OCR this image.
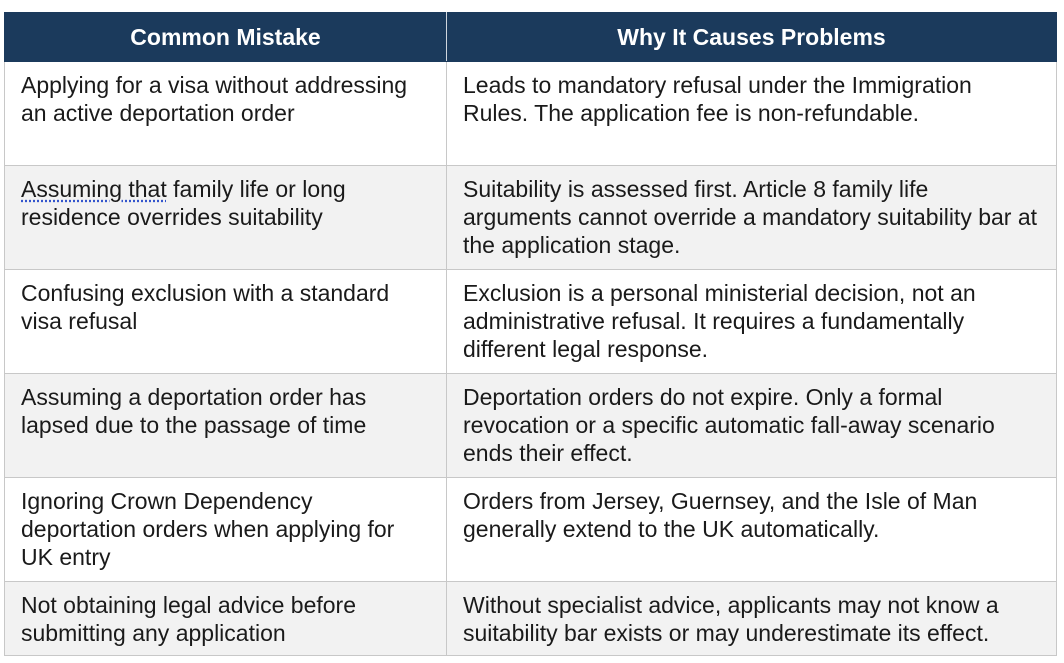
Common Mistake	Why It Causes Problems
Applying for a visa without addressing an active deportation order	Leads to mandatory refusal under the Immigration Rules. The application fee is non-refundable.
Assuming that family life or long residence overrides suitability	Suitability is assessed first. Article 8 family life arguments cannot override a mandatory suitability bar at the application stage.
Confusing exclusion with a standard visa refusal	Exclusion is a personal ministerial decision, not an administrative refusal. It requires a fundamentally different legal response.
Assuming a deportation order has lapsed due to the passage of time	Deportation orders do not expire. Only a formal revocation or a specific automatic fall-away scenario ends their effect.
Ignoring Crown Dependency deportation orders when applying for UK entry	Orders from Jersey, Guernsey, and the Isle of Man generally extend to the UK automatically.
Not obtaining legal advice before submitting any application	Without specialist advice, applicants may not know a suitability bar exists or may underestimate its effect.
